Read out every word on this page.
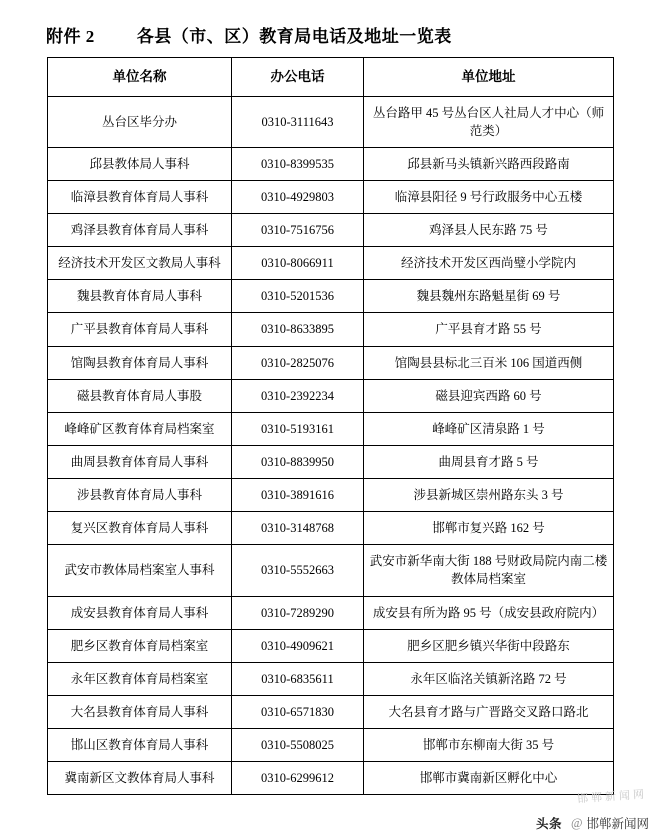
附件 2 各县（市、区）教育局电话及地址一览表
单位名称	办公电话	单位地址
丛台区毕分办	0310-3111643	丛台路甲 45 号丛台区人社局人才中心（师范类）
邱县教体局人事科	0310-8399535	邱县新马头镇新兴路西段路南
临漳县教育体育局人事科	0310-4929803	临漳县阳径 9 号行政服务中心五楼
鸡泽县教育体育局人事科	0310-7516756	鸡泽县人民东路 75 号
经济技术开发区文教局人事科	0310-8066911	经济技术开发区西尚璧小学院内
魏县教育体育局人事科	0310-5201536	魏县魏州东路魁星街 69 号
广平县教育体育局人事科	0310-8633895	广平县育才路 55 号
馆陶县教育体育局人事科	0310-2825076	馆陶县县标北三百米 106 国道西侧
磁县教育体育局人事股	0310-2392234	磁县迎宾西路 60 号
峰峰矿区教育体育局档案室	0310-5193161	峰峰矿区清泉路 1 号
曲周县教育体育局人事科	0310-8839950	曲周县育才路 5 号
涉县教育体育局人事科	0310-3891616	涉县新城区崇州路东头 3 号
复兴区教育体育局人事科	0310-3148768	邯郸市复兴路 162 号
武安市教体局档案室人事科	0310-5552663	武安市新华南大街 188 号财政局院内南二楼教体局档案室
成安县教育体育局人事科	0310-7289290	成安县有所为路 95 号（成安县政府院内）
肥乡区教育体育局档案室	0310-4909621	肥乡区肥乡镇兴华街中段路东
永年区教育体育局档案室	0310-6835611	永年区临洺关镇新洺路 72 号
大名县教育体育局人事科	0310-6571830	大名县育才路与广晋路交叉路口路北
邯山区教育体育局人事科	0310-5508025	邯郸市东柳南大街 35 号
冀南新区文教体育局人事科	0310-6299612	邯郸市冀南新区孵化中心
邯郸新闻网
头条 @ 邯郸新闻网
